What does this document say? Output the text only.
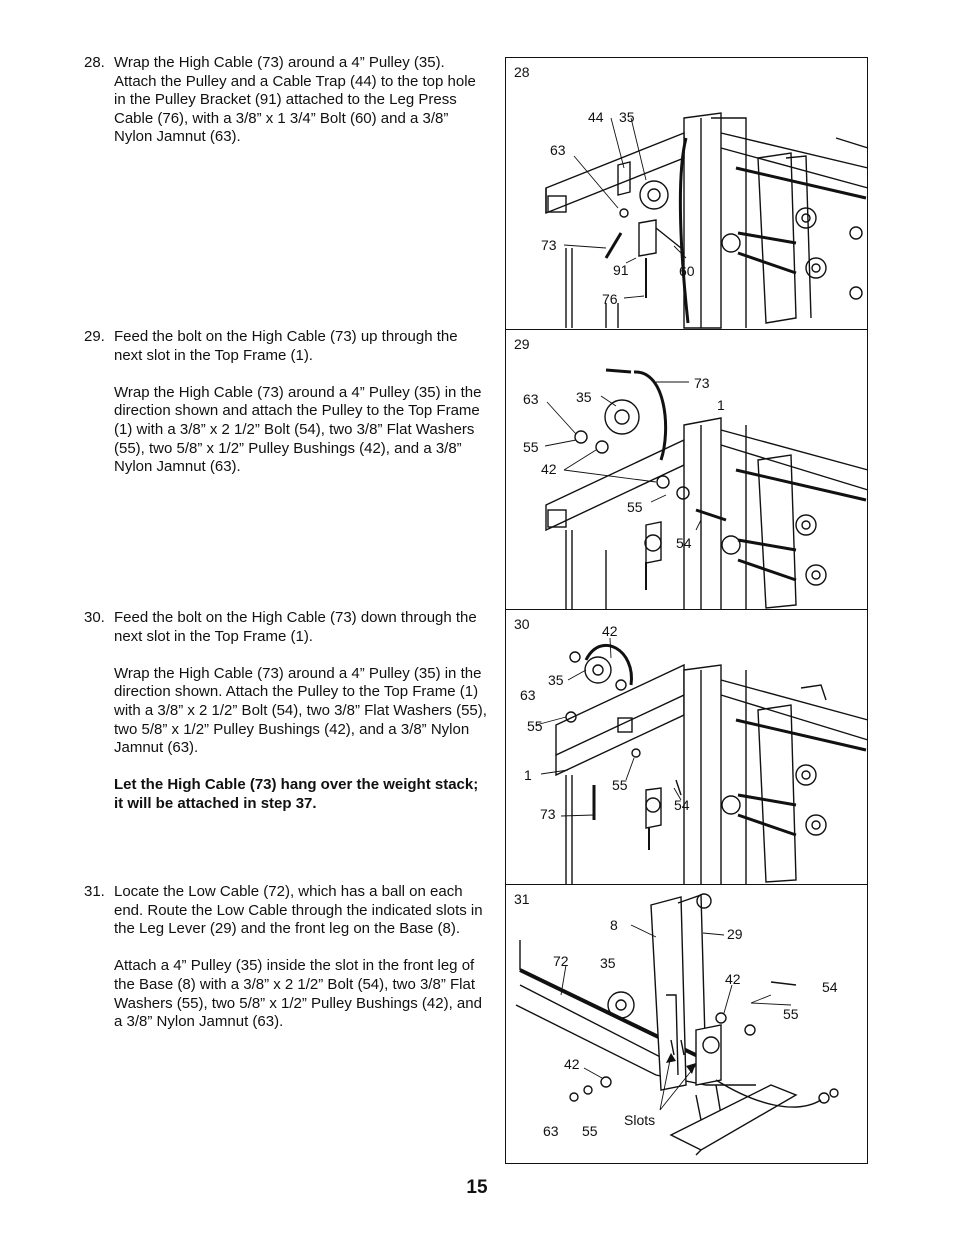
28. Wrap the High Cable (73) around a 4” Pulley (35). Attach the Pulley and a Cable Trap (44) to the top hole in the Pulley Bracket (91) attached to the Leg Press Cable (76), with a 3/8” x 1 3/4” Bolt (60) and a 3/8” Nylon Jamnut (63).

29. Feed the bolt on the High Cable (73) up through the next slot in the Top Frame (1).

Wrap the High Cable (73) around a 4” Pulley (35) in the direction shown and attach the Pulley to the Top Frame (1) with a 3/8” x 2 1/2” Bolt (54), two 3/8” Flat Washers (55), two 5/8” x 1/2” Pulley Bushings (42), and a 3/8” Nylon Jamnut (63).

30. Feed the bolt on the High Cable (73) down through the next slot in the Top Frame (1).

Wrap the High Cable (73) around a 4” Pulley (35) in the direction shown. Attach the Pulley to the Top Frame (1) with a 3/8” x 2 1/2” Bolt (54), two 3/8” Flat Washers (55), two 5/8” x 1/2” Pulley Bushings (42), and a 3/8” Nylon Jamnut (63).

Let the High Cable (73) hang over the weight stack; it will be attached in step 37.

31. Locate the Low Cable (72), which has a ball on each end. Route the Low Cable through the indicated slots in the Leg Lever (29) and the front leg on the Base (8).

Attach a 4” Pulley (35) inside the slot in the front leg of the Base (8) with a 3/8” x 2 1/2” Bolt (54), two 3/8” Flat Washers (55), two 5/8” x 1/2” Pulley Bushings (42), and a 3/8” Nylon Jamnut (63).

44 35
63
73
91	60
76
28
73
63	35	1
55
42
55
54
29
42
35
63
55
1
55
54
73
30
8
29
72 35
42	54
55
42
Slots
63 55
31
15
